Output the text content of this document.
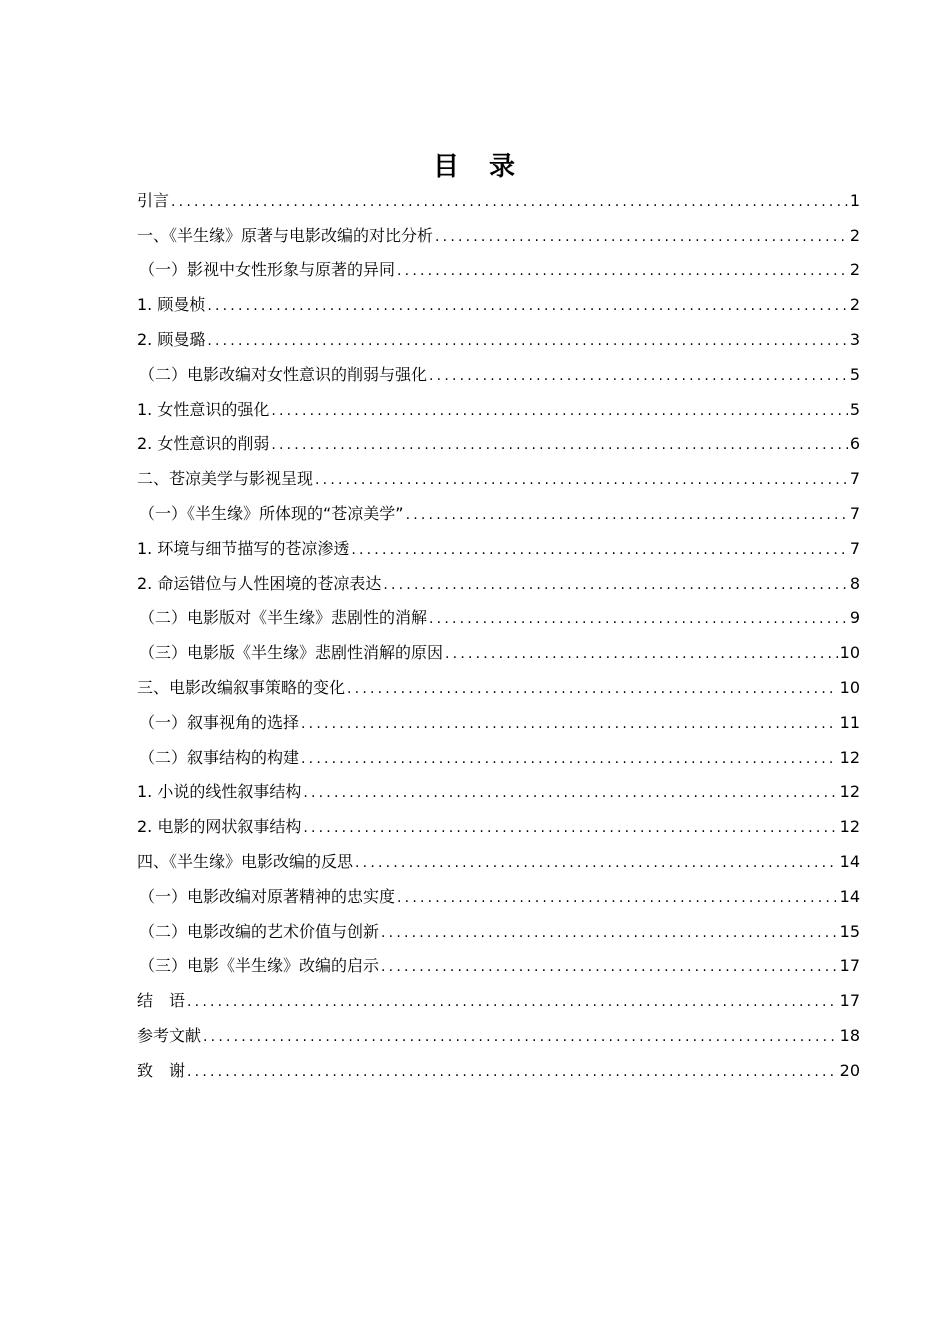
目　录
引言 .....	1
一、《半生缘》原著与电影改编的对比分析 .....	2
（一）影视中女性形象与原著的异同 .....	2
1. 顾曼桢 .....	2
2. 顾曼璐 .....	3
（二）电影改编对女性意识的削弱与强化 .....	5
1. 女性意识的强化 .....	5
2. 女性意识的削弱 .....	6
二、苍凉美学与影视呈现 .....	7
（一）《半生缘》所体现的“苍凉美学” .....	7
1. 环境与细节描写的苍凉渗透 .....	7
2. 命运错位与人性困境的苍凉表达 .....	8
（二）电影版对《半生缘》悲剧性的消解 .....	9
（三）电影版《半生缘》悲剧性消解的原因 .....	10
三、电影改编叙事策略的变化 .....	10
（一）叙事视角的选择 .....	11
（二）叙事结构的构建 .....	12
1. 小说的线性叙事结构 .....	12
2. 电影的网状叙事结构 .....	12
四、《半生缘》电影改编的反思 .....	14
（一）电影改编对原著精神的忠实度 .....	14
（二）电影改编的艺术价值与创新 .....	15
（三）电影《半生缘》改编的启示 .....	17
结　语 .....	17
参考文献 .....	18
致　谢 .....	20
